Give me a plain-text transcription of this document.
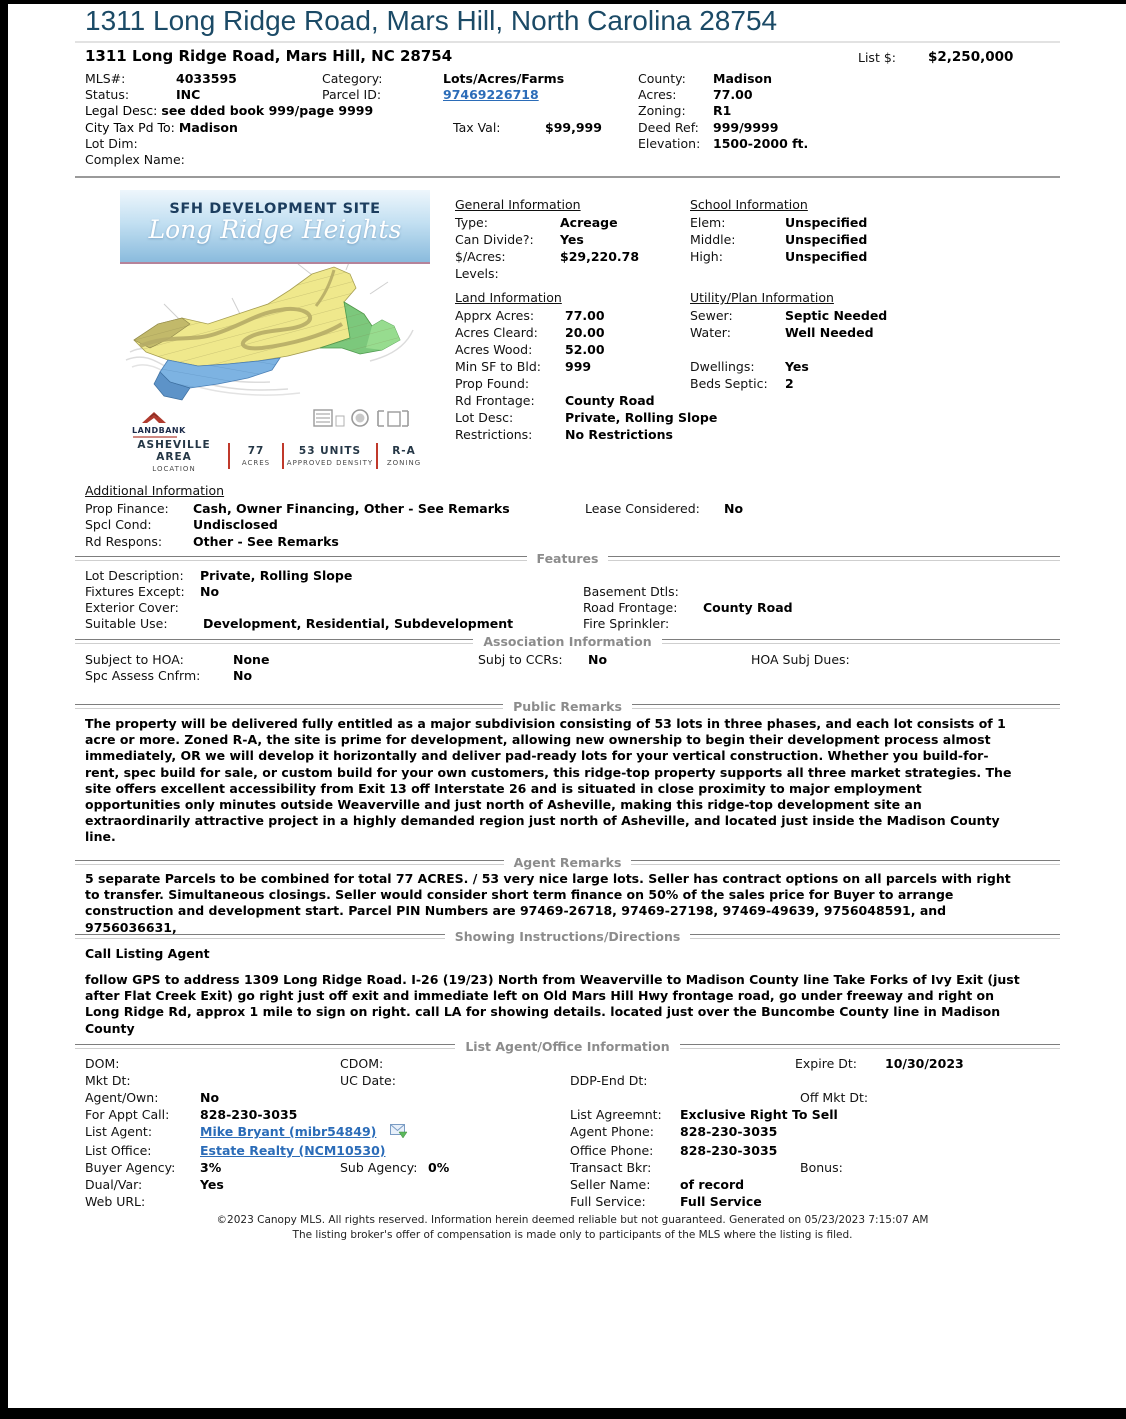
1311 Long Ridge Road, Mars Hill, North Carolina 28754
1311 Long Ridge Road, Mars Hill, NC 28754	List $: $2,250,000
MLS#:	4033595	Category:	Lots/Acres/Farms	County: Madison
Status:	INC	Parcel ID:	97469226718	Acres:	77.00
Legal Desc: see dded book 999/page 9999	Zoning: R1
City Tax Pd To: Madison	Tax Val:	$99,999	Deed Ref: 999/9999
Lot Dim:	Elevation: 1500-2000 ft.
Complex Name:
SFH DEVELOPMENT SITE
Long Ridge Heights
LANDBANK
ASHEVILLE AREA
LOCATION
77
ACRES
53 UNITS
APPROVED DENSITY
R-A
ZONING
General Information
Type:	Acreage
Can Divide?: Yes
$/Acres:	$29,220.78
Levels:
School Information
Elem:	Unspecified
Middle:	Unspecified
High:	Unspecified
Land Information
Apprx Acres: 77.00
Acres Cleard: 20.00
Acres Wood:	52.00
Min SF to Bld: 999
Prop Found:
Rd Frontage: County Road
Lot Desc:	Private, Rolling Slope
Restrictions:	No Restrictions
Utility/Plan Information
Sewer:	Septic Needed
Water:	Well Needed
Dwellings: Yes
Beds Septic: 2
Additional Information
Prop Finance: Cash, Owner Financing, Other - See Remarks	Lease Considered: No
Spcl Cond:	Undisclosed
Rd Respons: Other - See Remarks
Features
Lot Description: Private, Rolling Slope
Fixtures Except: No	Basement Dtls:
Exterior Cover:	Road Frontage: County Road
Suitable Use:	Development, Residential, Subdevelopment	Fire Sprinkler:
Association Information
Subject to HOA:	None	Subj to CCRs: No	HOA Subj Dues:
Spc Assess Cnfrm:	No
Public Remarks
The property will be delivered fully entitled as a major subdivision consisting of 53 lots in three phases, and each lot consists of 1 acre or more. Zoned R-A, the site is prime for development, allowing new ownership to begin their development process almost immediately, OR we will develop it horizontally and deliver pad-ready lots for your vertical construction. Whether you build-for-rent, spec build for sale, or custom build for your own customers, this ridge-top property supports all three market strategies. The site offers excellent accessibility from Exit 13 off Interstate 26 and is situated in close proximity to major employment opportunities only minutes outside Weaverville and just north of Asheville, making this ridge-top development site an extraordinarily attractive project in a highly demanded region just north of Asheville, and located just inside the Madison County line.
Agent Remarks
5 separate Parcels to be combined for total 77 ACRES. / 53 very nice large lots. Seller has contract options on all parcels with right to transfer. Simultaneous closings. Seller would consider short term finance on 50% of the sales price for Buyer to arrange construction and development start. Parcel PIN Numbers are 97469-26718, 97469-27198, 97469-49639, 9756048591, and 9756036631,
Showing Instructions/Directions
Call Listing Agent
follow GPS to address 1309 Long Ridge Road. I-26 (19/23) North from Weaverville to Madison County line Take Forks of Ivy Exit (just after Flat Creek Exit) go right just off exit and immediate left on Old Mars Hill Hwy frontage road, go under freeway and right on Long Ridge Rd, approx 1 mile to sign on right. call LA for showing details. located just over the Buncombe County line in Madison County
List Agent/Office Information
DOM:	CDOM:	Expire Dt: 10/30/2023
Mkt Dt:	UC Date:	DDP-End Dt:
Agent/Own:	No	Off Mkt Dt:
For Appt Call: 828-230-3035	List Agreemnt: Exclusive Right To Sell
List Agent:	Mike Bryant (mibr54849)	Agent Phone: 828-230-3035
List Office:	Estate Realty (NCM10530)	Office Phone: 828-230-3035
Buyer Agency: 3%	Sub Agency: 0%	Transact Bkr:	Bonus:
Dual/Var:	Yes	Seller Name: of record
Web URL:	Full Service:	Full Service
©2023 Canopy MLS. All rights reserved. Information herein deemed reliable but not guaranteed. Generated on 05/23/2023 7:15:07 AM
The listing broker's offer of compensation is made only to participants of the MLS where the listing is filed.
